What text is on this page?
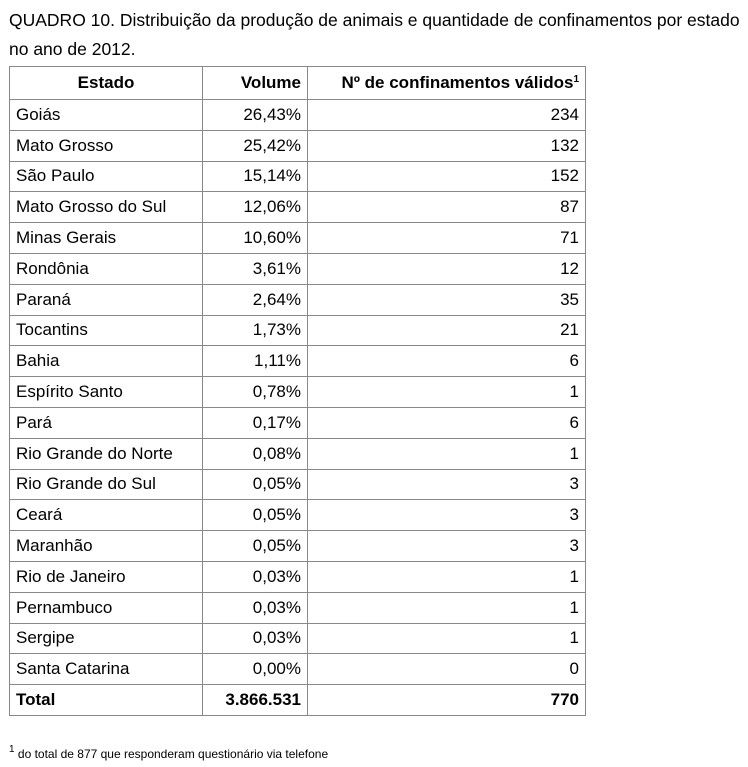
QUADRO 10. Distribuição da produção de animais e quantidade de confinamentos por estado no ano de 2012.
Estado	Volume	Nº de confinamentos válidos$^1$
Goiás	26,43%	234
Mato Grosso	25,42%	132
São Paulo	15,14%	152
Mato Grosso do Sul	12,06%	87
Minas Gerais	10,60%	71
Rondônia	3,61%	12
Paraná	2,64%	35
Tocantins	1,73%	21
Bahia	1,11%	6
Espírito Santo	0,78%	1
Pará	0,17%	6
Rio Grande do Norte	0,08%	1
Rio Grande do Sul	0,05%	3
Ceará	0,05%	3
Maranhão	0,05%	3
Rio de Janeiro	0,03%	1
Pernambuco	0,03%	1
Sergipe	0,03%	1
Santa Catarina	0,00%	0
Total	3.866.531	770
$^1$ do total de 877 que responderam questionário via telefone
